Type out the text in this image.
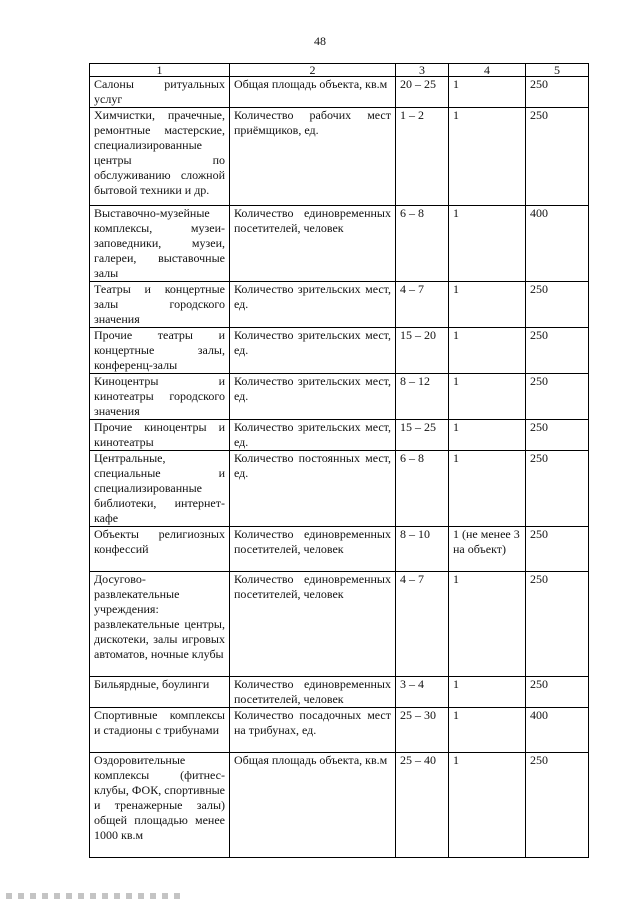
48
1	2	3	4	5

Салоны ритуальных услуг	Общая площадь объекта, кв.м	20 – 25	1	250

Химчистки, прачечные, ремонтные мастерские, специализированные центры по обслуживанию сложной бытовой техники и др.	Количество рабочих мест приёмщиков, ед.	1 – 2	1	250

Выставочно-музейные комплексы, музеи-заповедники, музеи, галереи, выставочные залы	Количество единовременных посетителей, человек	6 – 8	1	400

Театры и концертные залы городского значения	Количество зрительских мест, ед.	4 – 7	1	250

Прочие театры и концертные залы, конференц-залы	Количество зрительских мест, ед.	15 – 20	1	250

Киноцентры и кинотеатры городского значения	Количество зрительских мест, ед.	8 – 12	1	250

Прочие киноцентры и кинотеатры	Количество зрительских мест, ед.	15 – 25	1	250

Центральные, специальные и специализированные библиотеки, интернет-кафе	Количество постоянных мест, ед.	6 – 8	1	250

Объекты религиозных конфессий	Количество единовременных посетителей, человек	8 – 10	1 (не менее 3 на объект)	250

Досугово-развлекательные учреждения: развлекательные центры, дискотеки, залы игровых автоматов, ночные клубы	Количество единовременных посетителей, человек	4 – 7	1	250

Бильярдные, боулинги	Количество единовременных посетителей, человек	3 – 4	1	250

Спортивные комплексы и стадионы с трибунами	Количество посадочных мест на трибунах, ед.	25 – 30	1	400

Оздоровительные комплексы (фитнес-клубы, ФОК, спортивные и тренажерные залы) общей площадью менее 1000 кв.м	Общая площадь объекта, кв.м	25 – 40	1	250
